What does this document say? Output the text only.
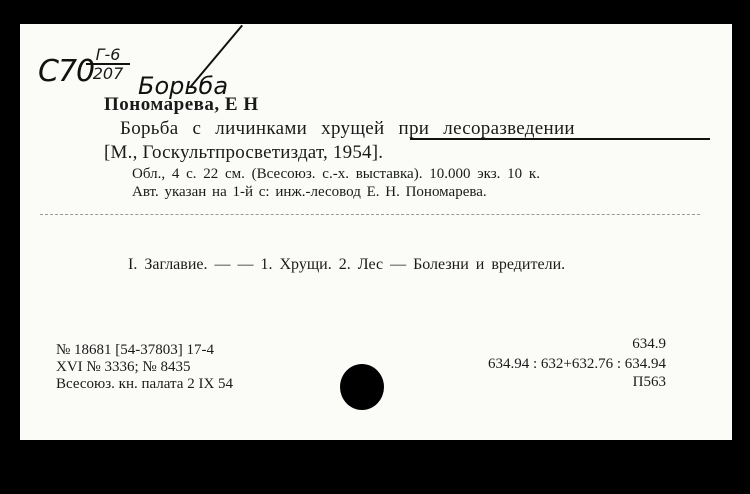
C70 Г-6
207 Борьба
Пономарева, Е Н
Борьба с личинками хрущей при лесоразведении
[М., Госкультпросветиздат, 1954].
Обл., 4 с. 22 см. (Всесоюз. с.-х. выставка). 10.000 экз. 10 к.
Авт. указан на 1-й с: инж.-лесовод Е. Н. Пономарева.
I. Заглавие. — — 1. Хрущи. 2. Лес — Болезни и вредители.
№ 18681 [54-37803] 17-4
XVI № 3336; № 8435
Всесоюз. кн. палата 2 IX 54
634.9
634.94 : 632+632.76 : 634.94
П563
